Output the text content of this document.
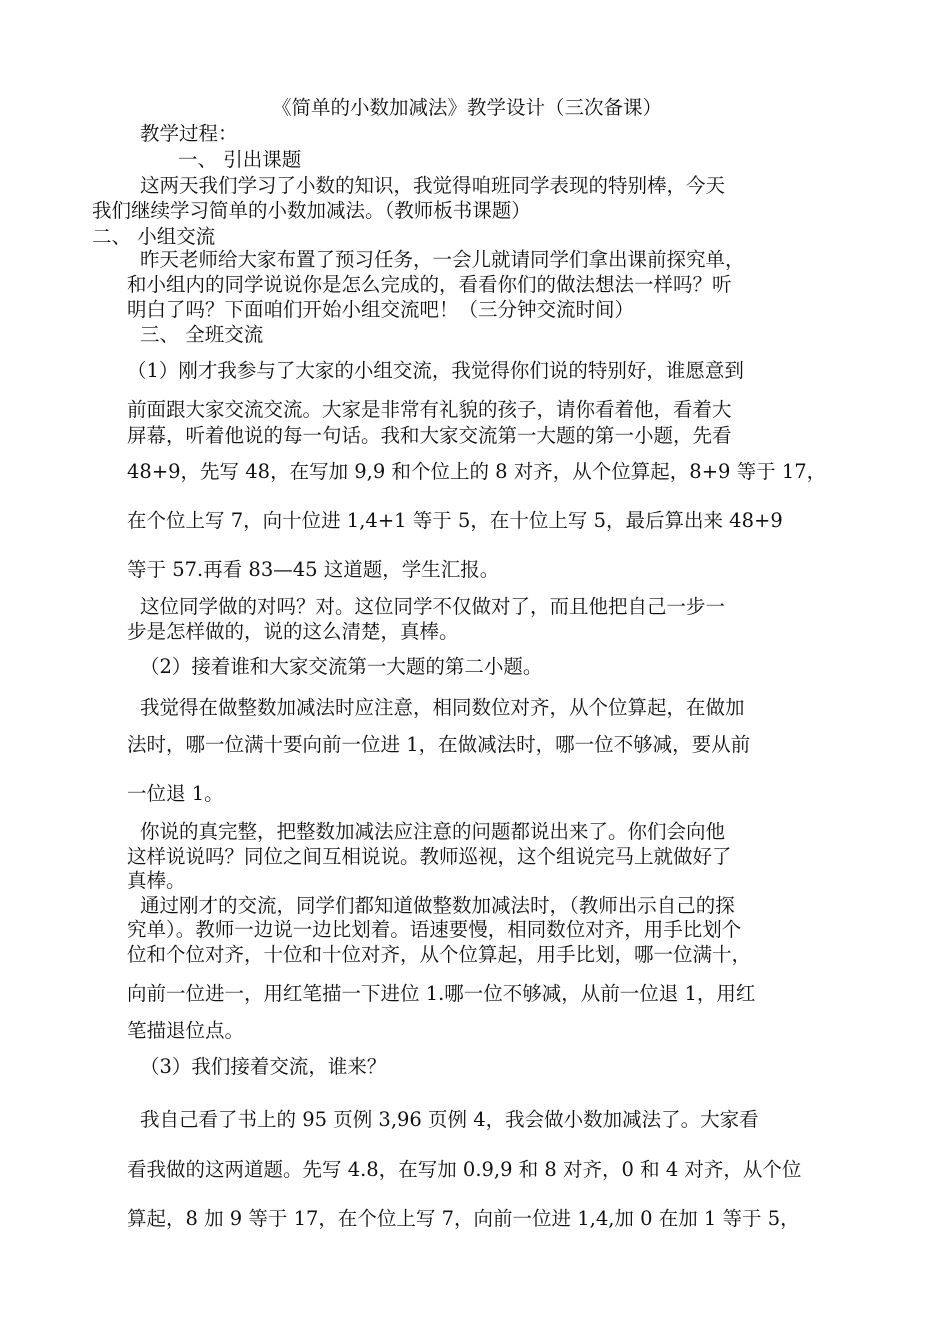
《简单的小数加减法》教学设计（三次备课）
教学过程：
一、 引出课题
这两天我们学习了小数的知识，我觉得咱班同学表现的特别棒，今天
我们继续学习简单的小数加减法。（教师板书课题）
二、 小组交流
昨天老师给大家布置了预习任务，一会儿就请同学们拿出课前探究单，
和小组内的同学说说你是怎么完成的，看看你们的做法想法一样吗？听
明白了吗？下面咱们开始小组交流吧！（三分钟交流时间）
三、 全班交流
（1）刚才我参与了大家的小组交流，我觉得你们说的特别好，谁愿意到
前面跟大家交流交流。大家是非常有礼貌的孩子，请你看着他，看着大
屏幕，听着他说的每一句话。我和大家交流第一大题的第一小题，先看
48+9，先写 48，在写加 9,9 和个位上的 8 对齐，从个位算起，8+9 等于 17，
在个位上写 7，向十位进 1,4+1 等于 5，在十位上写 5，最后算出来 48+9
等于 57.再看 83—45 这道题，学生汇报。
这位同学做的对吗？对。这位同学不仅做对了，而且他把自己一步一
步是怎样做的，说的这么清楚，真棒。
（2）接着谁和大家交流第一大题的第二小题。
我觉得在做整数加减法时应注意，相同数位对齐，从个位算起，在做加
法时，哪一位满十要向前一位进 1，在做减法时，哪一位不够减，要从前
一位退 1。
你说的真完整，把整数加减法应注意的问题都说出来了。你们会向他
这样说说吗？同位之间互相说说。教师巡视，这个组说完马上就做好了
真棒。
通过刚才的交流，同学们都知道做整数加减法时，（教师出示自己的探
究单）。教师一边说一边比划着。语速要慢，相同数位对齐，用手比划个
位和个位对齐，十位和十位对齐，从个位算起，用手比划，哪一位满十，
向前一位进一，用红笔描一下进位 1.哪一位不够减，从前一位退 1，用红
笔描退位点。
（3）我们接着交流，谁来？
我自己看了书上的 95 页例 3,96 页例 4，我会做小数加减法了。大家看
看我做的这两道题。先写 4.8，在写加 0.9,9 和 8 对齐，0 和 4 对齐，从个位
算起，8 加 9 等于 17，在个位上写 7，向前一位进 1,4,加 0 在加 1 等于 5，
